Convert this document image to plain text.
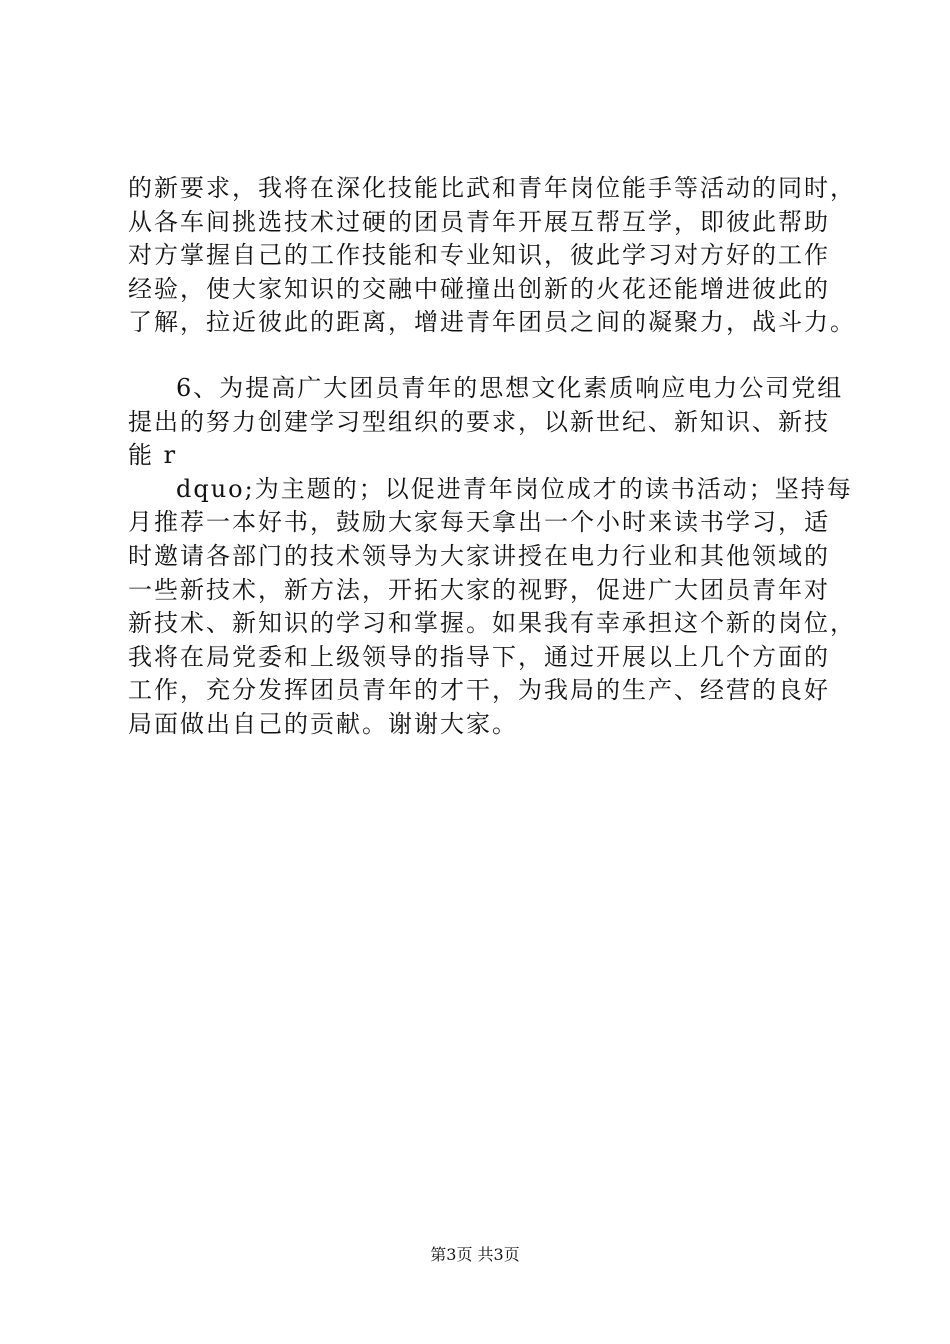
的新要求，我将在深化技能比武和青年岗位能手等活动的同时，
从各车间挑选技术过硬的团员青年开展互帮互学，即彼此帮助
对方掌握自己的工作技能和专业知识，彼此学习对方好的工作
经验，使大家知识的交融中碰撞出创新的火花还能增进彼此的
了解，拉近彼此的距离，增进青年团员之间的凝聚力，战斗力。
6、为提高广大团员青年的思想文化素质响应电力公司党组
提出的努力创建学习型组织的要求，以新世纪、新知识、新技
能 r
dquo;为主题的；以促进青年岗位成才的读书活动；坚持每
月推荐一本好书，鼓励大家每天拿出一个小时来读书学习，适
时邀请各部门的技术领导为大家讲授在电力行业和其他领域的
一些新技术，新方法，开拓大家的视野，促进广大团员青年对
新技术、新知识的学习和掌握。如果我有幸承担这个新的岗位，
我将在局党委和上级领导的指导下，通过开展以上几个方面的
工作，充分发挥团员青年的才干，为我局的生产、经营的良好
局面做出自己的贡献。谢谢大家。
第3页 共3页
